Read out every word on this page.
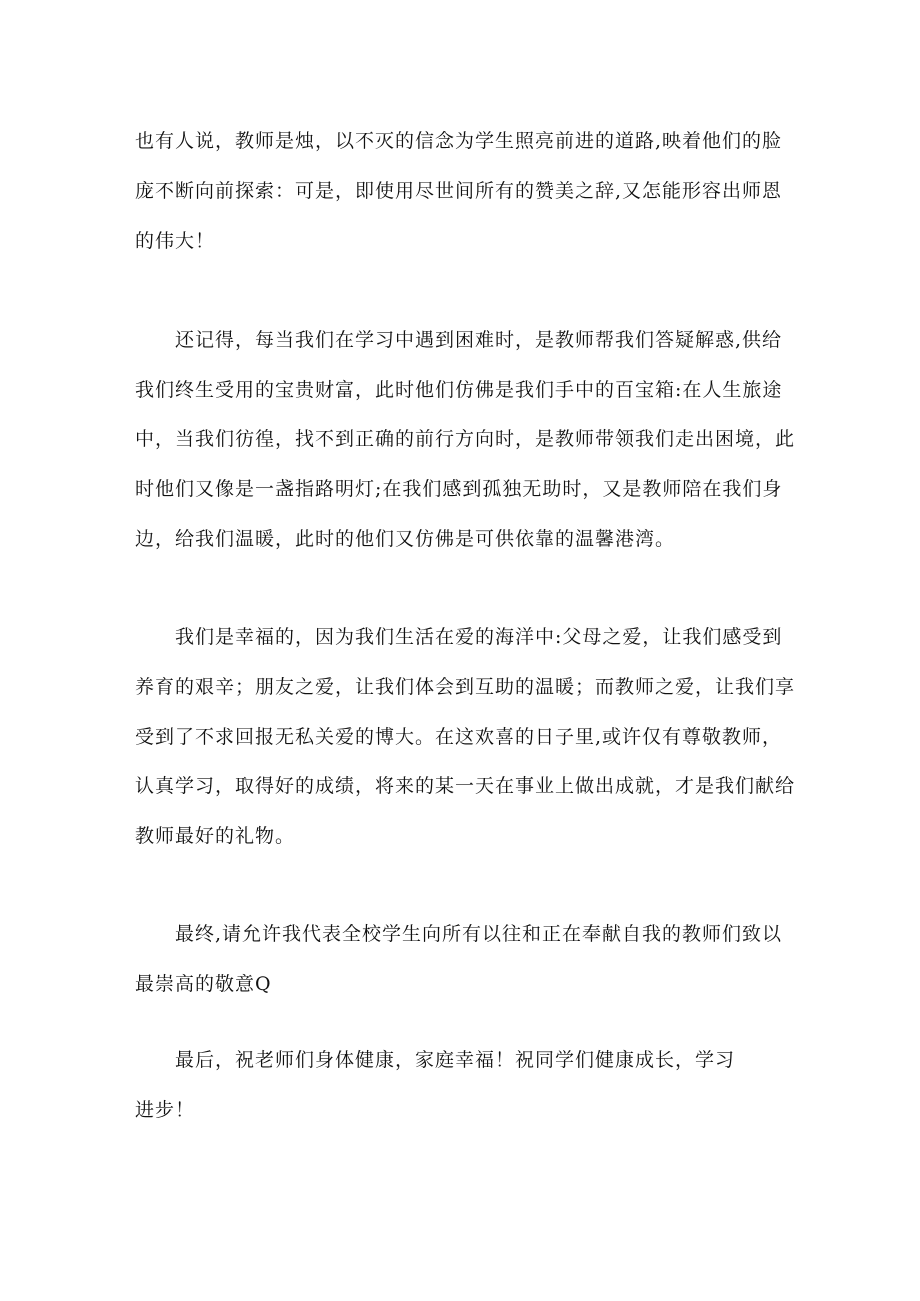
也有人说，教师是烛，以不灭的信念为学生照亮前进的道路,映着他们的脸
庞不断向前探索：可是，即使用尽世间所有的赞美之辞,又怎能形容出师恩
的伟大！
还记得，每当我们在学习中遇到困难时，是教师帮我们答疑解惑,供给
我们终生受用的宝贵财富，此时他们仿佛是我们手中的百宝箱:在人生旅途
中，当我们彷徨，找不到正确的前行方向时，是教师带领我们走出困境，此
时他们又像是一盏指路明灯;在我们感到孤独无助时，又是教师陪在我们身
边，给我们温暖，此时的他们又仿佛是可供依靠的温馨港湾。
我们是幸福的，因为我们生活在爱的海洋中:父母之爱，让我们感受到
养育的艰辛；朋友之爱，让我们体会到互助的温暖；而教师之爱，让我们享
受到了不求回报无私关爱的博大。在这欢喜的日子里,或许仅有尊敬教师，
认真学习，取得好的成绩，将来的某一天在事业上做出成就，才是我们献给
教师最好的礼物。
最终,请允许我代表全校学生向所有以往和正在奉献自我的教师们致以
最崇高的敬意Q
最后，祝老师们身体健康，家庭幸福！祝同学们健康成长，学习
进步！
